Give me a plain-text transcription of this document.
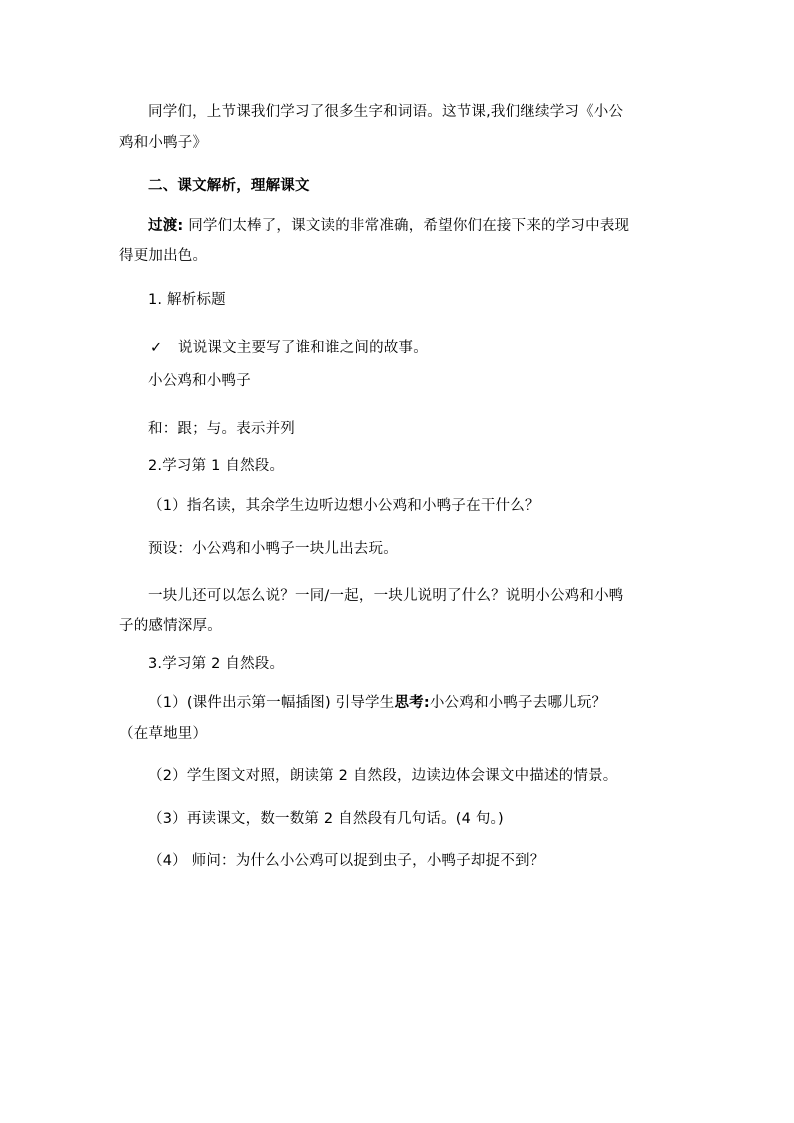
同学们，上节课我们学习了很多生字和词语。这节课,我们继续学习《小公
鸡和小鸭子》
二、课文解析，理解课文
过渡: 同学们太棒了，课文读的非常准确，希望你们在接下来的学习中表现
得更加出色。
1. 解析标题
✓ 说说课文主要写了谁和谁之间的故事。
小公鸡和小鸭子
和：跟；与。表示并列
2.学习第 1 自然段。
（1）指名读，其余学生边听边想小公鸡和小鸭子在干什么？
预设：小公鸡和小鸭子一块儿出去玩。
一块儿还可以怎么说？一同/一起，一块儿说明了什么？说明小公鸡和小鸭
子的感情深厚。
3.学习第 2 自然段。
（1）(课件出示第一幅插图) 引导学生思考:小公鸡和小鸭子去哪儿玩？
（在草地里）
（2）学生图文对照，朗读第 2 自然段，边读边体会课文中描述的情景。
（3）再读课文，数一数第 2 自然段有几句话。(4 句。)
（4） 师问：为什么小公鸡可以捉到虫子，小鸭子却捉不到？
